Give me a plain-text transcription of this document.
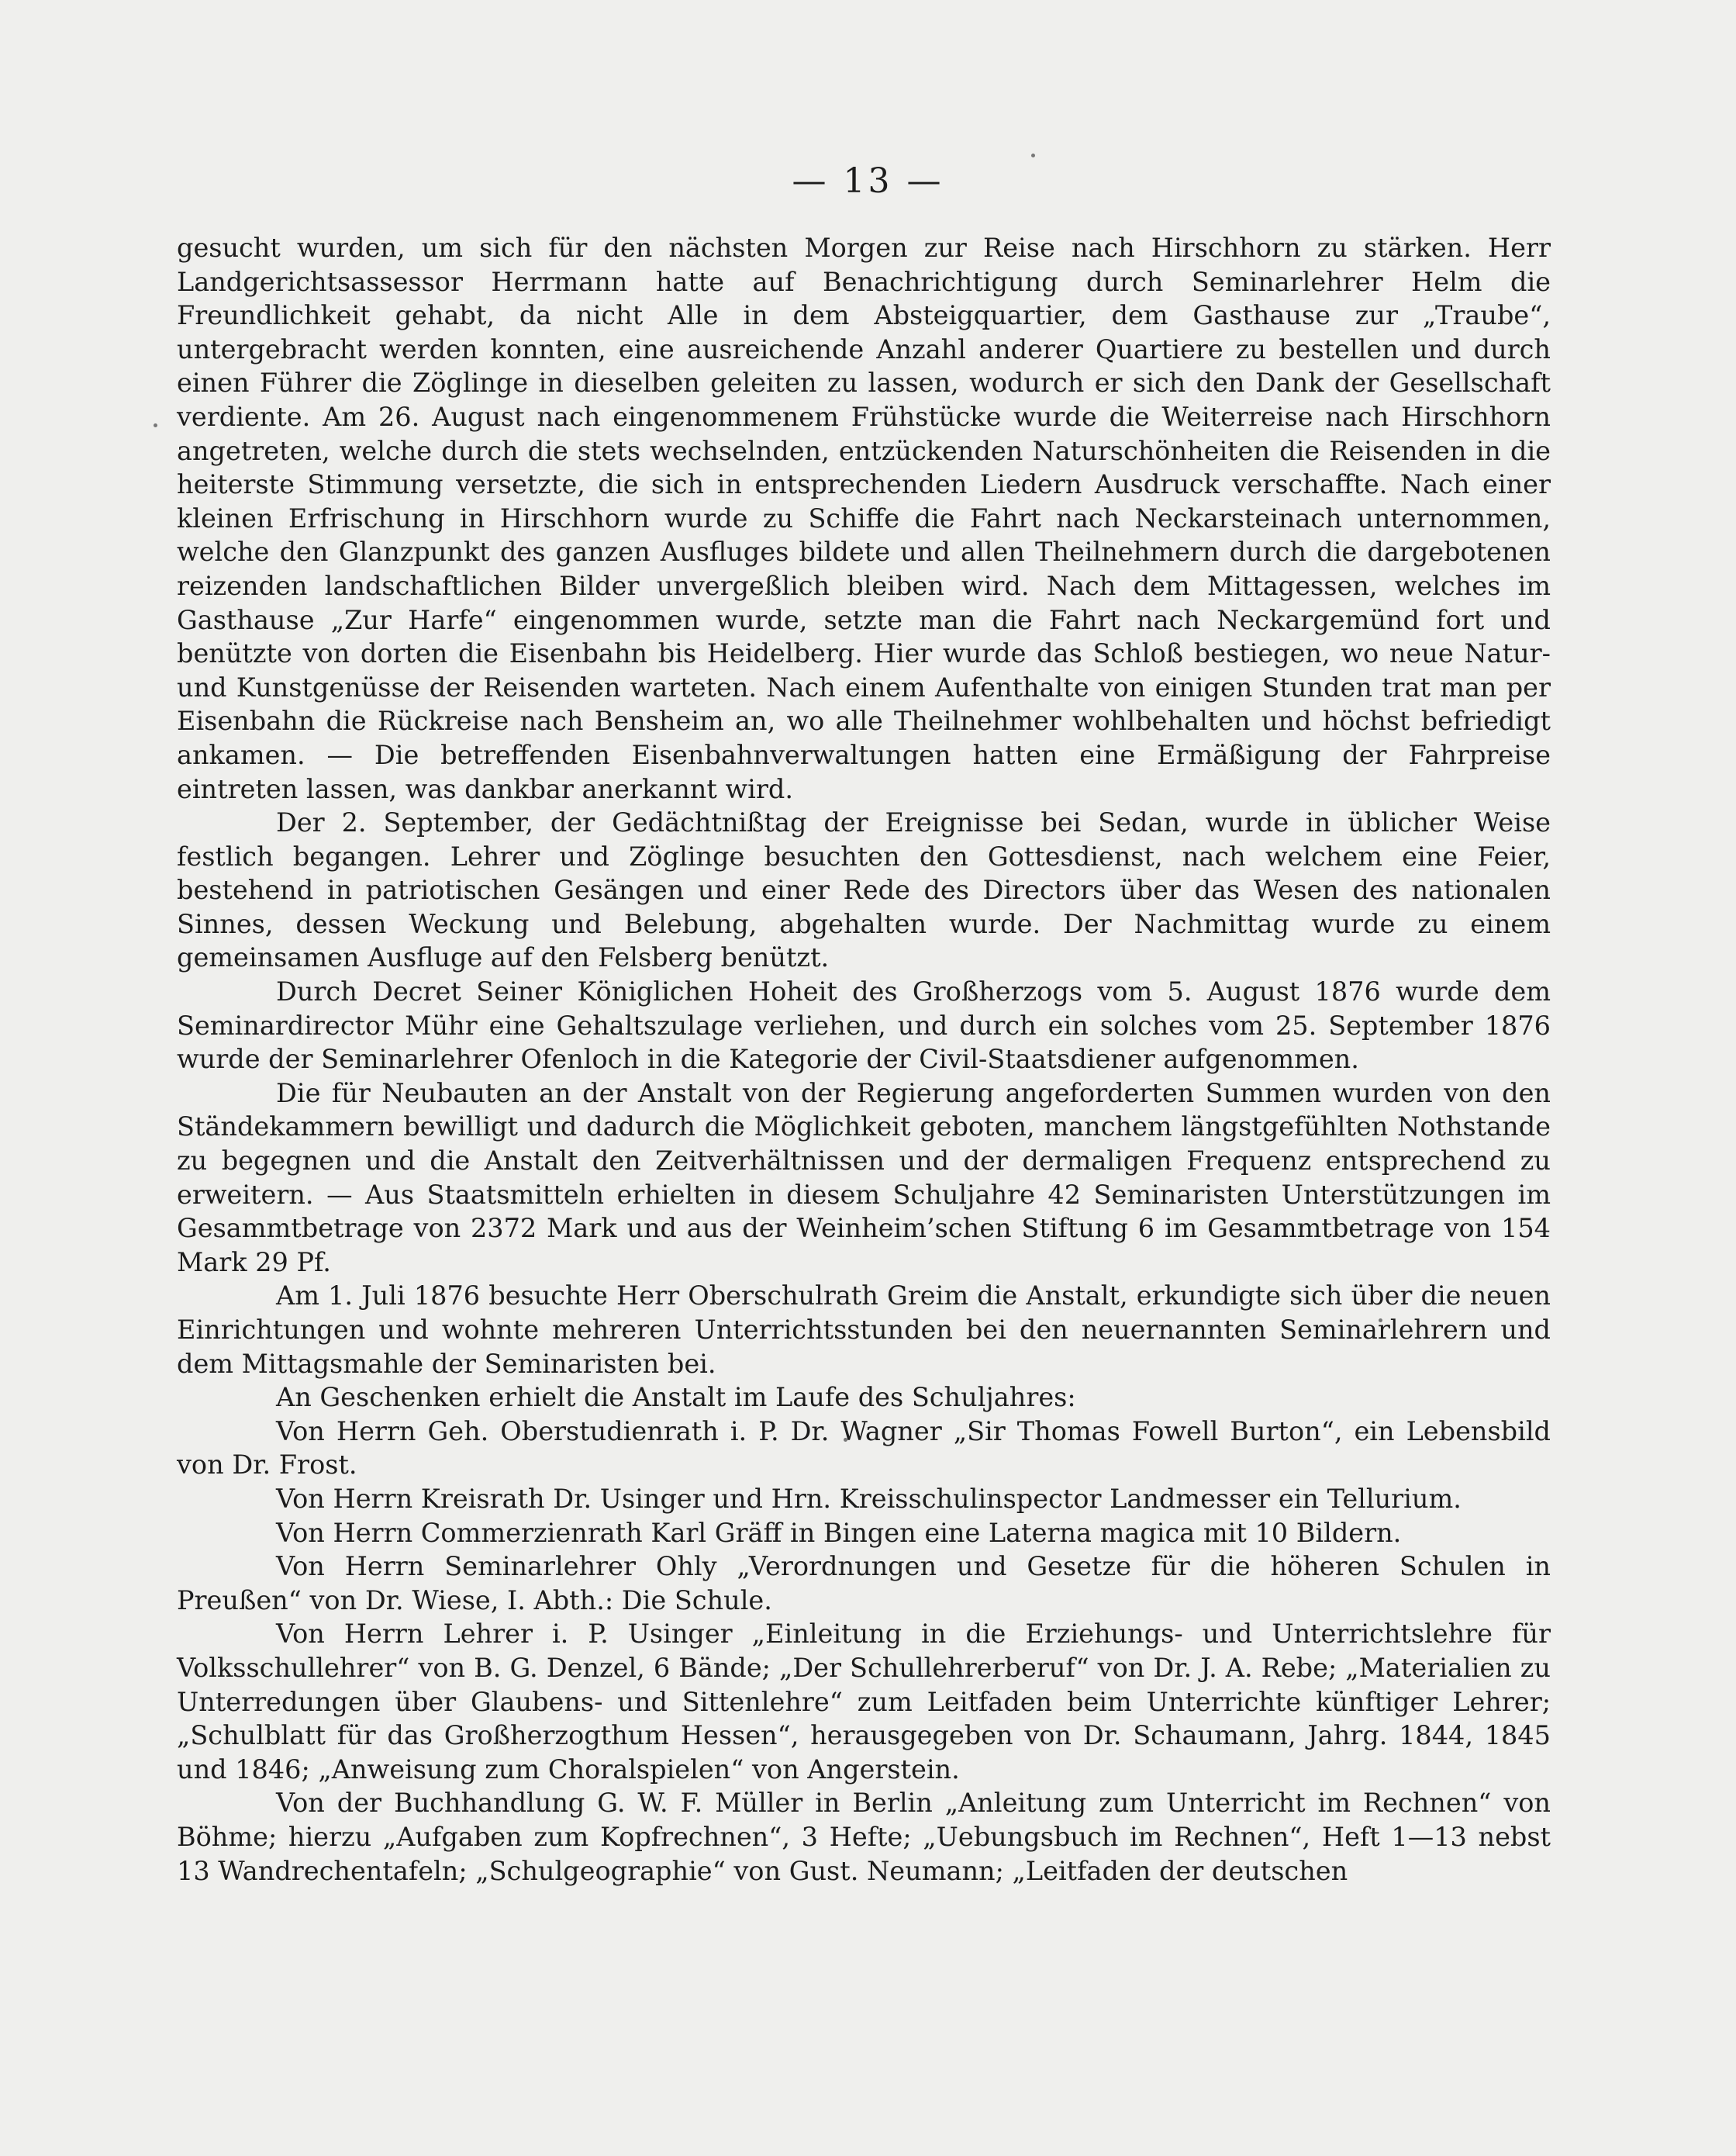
— 13 —

gesucht wurden, um sich für den nächsten Morgen zur Reise nach Hirschhorn zu stärken. Herr Landgerichtsassessor Herrmann hatte auf Benachrichtigung durch Seminarlehrer Helm die Freundlichkeit gehabt, da nicht Alle in dem Absteigquartier, dem Gasthause zur „Traube“, untergebracht werden konnten, eine ausreichende Anzahl anderer Quartiere zu bestellen und durch einen Führer die Zöglinge in dieselben geleiten zu lassen, wodurch er sich den Dank der Gesellschaft verdiente. Am 26. August nach eingenommenem Frühstücke wurde die Weiterreise nach Hirschhorn angetreten, welche durch die stets wechselnden, entzückenden Naturschönheiten die Reisenden in die heiterste Stimmung versetzte, die sich in entsprechenden Liedern Ausdruck verschaffte. Nach einer kleinen Erfrischung in Hirschhorn wurde zu Schiffe die Fahrt nach Neckarsteinach unternommen, welche den Glanzpunkt des ganzen Ausfluges bildete und allen Theilnehmern durch die dargebotenen reizenden landschaftlichen Bilder unvergeßlich bleiben wird. Nach dem Mittagessen, welches im Gasthause „Zur Harfe“ eingenommen wurde, setzte man die Fahrt nach Neckargemünd fort und benützte von dorten die Eisenbahn bis Heidelberg. Hier wurde das Schloß bestiegen, wo neue Natur- und Kunstgenüsse der Reisenden warteten. Nach einem Aufenthalte von einigen Stunden trat man per Eisenbahn die Rückreise nach Bensheim an, wo alle Theilnehmer wohlbehalten und höchst befriedigt ankamen. — Die betreffenden Eisenbahnverwaltungen hatten eine Ermäßigung der Fahrpreise eintreten lassen, was dankbar anerkannt wird.

Der 2. September, der Gedächtnißtag der Ereignisse bei Sedan, wurde in üblicher Weise festlich begangen. Lehrer und Zöglinge besuchten den Gottesdienst, nach welchem eine Feier, bestehend in patriotischen Gesängen und einer Rede des Directors über das Wesen des nationalen Sinnes, dessen Weckung und Belebung, abgehalten wurde. Der Nachmittag wurde zu einem gemeinsamen Ausfluge auf den Felsberg benützt.

Durch Decret Seiner Königlichen Hoheit des Großherzogs vom 5. August 1876 wurde dem Seminardirector Mühr eine Gehaltszulage verliehen, und durch ein solches vom 25. September 1876 wurde der Seminarlehrer Ofenloch in die Kategorie der Civil-Staatsdiener aufgenommen.

Die für Neubauten an der Anstalt von der Regierung angeforderten Summen wurden von den Ständekammern bewilligt und dadurch die Möglichkeit geboten, manchem längstgefühlten Nothstande zu begegnen und die Anstalt den Zeitverhältnissen und der dermaligen Frequenz entsprechend zu erweitern. — Aus Staatsmitteln erhielten in diesem Schuljahre 42 Seminaristen Unterstützungen im Gesammtbetrage von 2372 Mark und aus der Weinheim’schen Stiftung 6 im Gesammtbetrage von 154 Mark 29 Pf.

Am 1. Juli 1876 besuchte Herr Oberschulrath Greim die Anstalt, erkundigte sich über die neuen Einrichtungen und wohnte mehreren Unterrichtsstunden bei den neuernannten Seminarlehrern und dem Mittagsmahle der Seminaristen bei.

An Geschenken erhielt die Anstalt im Laufe des Schuljahres:

Von Herrn Geh. Oberstudienrath i. P. Dr. Wagner „Sir Thomas Fowell Burton“, ein Lebensbild von Dr. Frost.

Von Herrn Kreisrath Dr. Usinger und Hrn. Kreisschulinspector Landmesser ein Tellurium.

Von Herrn Commerzienrath Karl Gräff in Bingen eine Laterna magica mit 10 Bildern.

Von Herrn Seminarlehrer Ohly „Verordnungen und Gesetze für die höheren Schulen in Preußen“ von Dr. Wiese, I. Abth.: Die Schule.

Von Herrn Lehrer i. P. Usinger „Einleitung in die Erziehungs- und Unterrichtslehre für Volksschullehrer“ von B. G. Denzel, 6 Bände; „Der Schullehrerberuf“ von Dr. J. A. Rebe; „Materialien zu Unterredungen über Glaubens- und Sittenlehre“ zum Leitfaden beim Unterrichte künftiger Lehrer; „Schulblatt für das Großherzogthum Hessen“, herausgegeben von Dr. Schaumann, Jahrg. 1844, 1845 und 1846; „Anweisung zum Choralspielen“ von Angerstein.

Von der Buchhandlung G. W. F. Müller in Berlin „Anleitung zum Unterricht im Rechnen“ von Böhme; hierzu „Aufgaben zum Kopfrechnen“, 3 Hefte; „Uebungsbuch im Rechnen“, Heft 1—13 nebst 13 Wandrechentafeln; „Schulgeographie“ von Gust. Neumann; „Leitfaden der deutschen
